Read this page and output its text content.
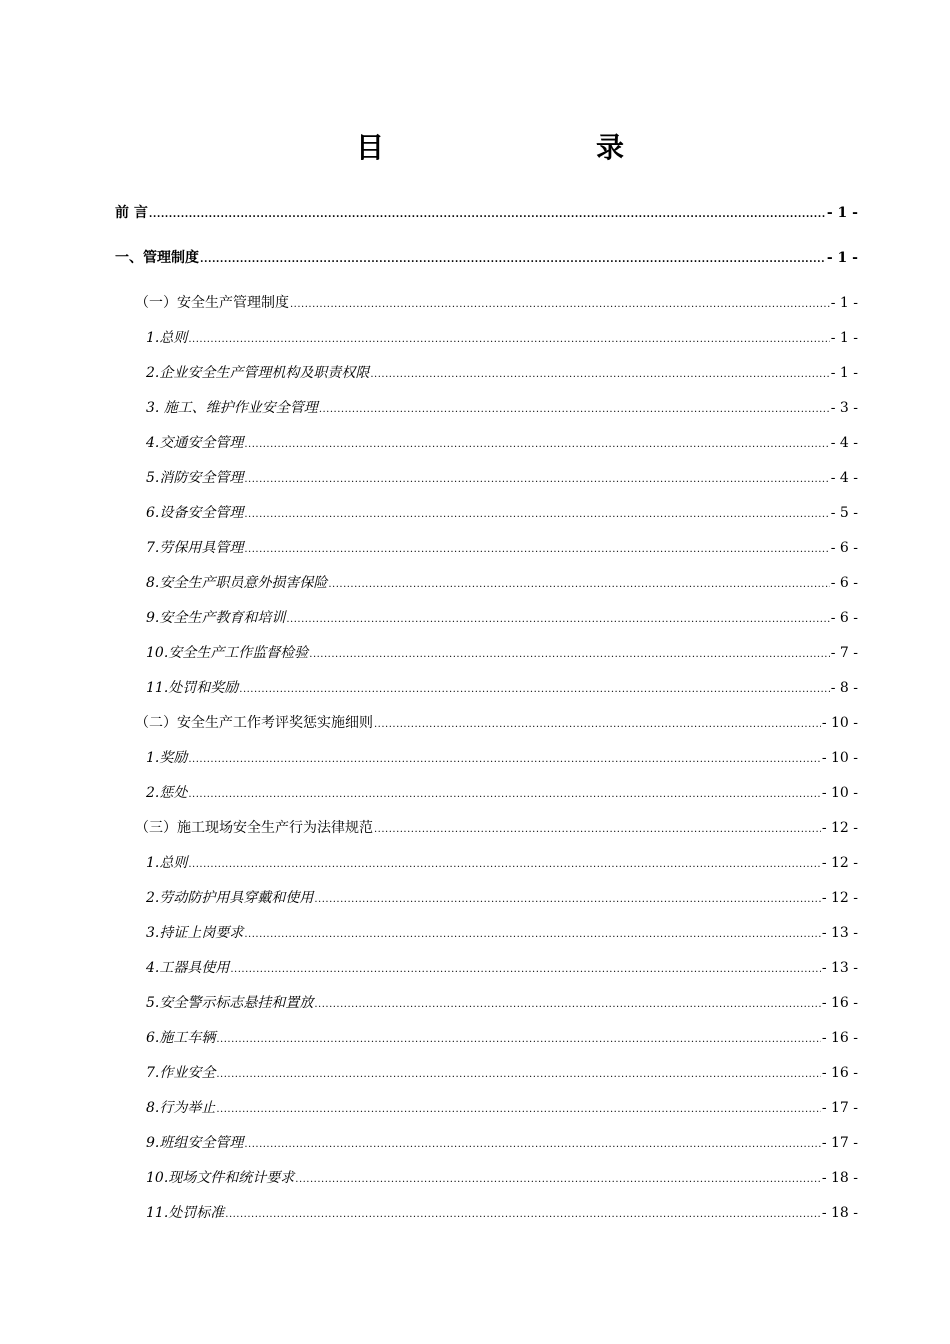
目　　录
前 言 .....	- 1 -
一、管理制度 .....	- 1 -
（一）安全生产管理制度 .....	- 1 -
1.总则 .....	- 1 -
2.企业安全生产管理机构及职责权限 .....	- 1 -
3. 施工、维护作业安全管理 .....	- 3 -
4.交通安全管理 .....	- 4 -
5.消防安全管理 .....	- 4 -
6.设备安全管理 .....	- 5 -
7.劳保用具管理 .....	- 6 -
8.安全生产职员意外损害保险 .....	- 6 -
9.安全生产教育和培训 .....	- 6 -
10.安全生产工作监督检验 .....	- 7 -
11.处罚和奖励 .....	- 8 -
（二）安全生产工作考评奖惩实施细则 .....	- 10 -
1.奖励 .....	- 10 -
2.惩处 .....	- 10 -
（三）施工现场安全生产行为法律规范 .....	- 12 -
1.总则 .....	- 12 -
2.劳动防护用具穿戴和使用 .....	- 12 -
3.持证上岗要求 .....	- 13 -
4.工器具使用 .....	- 13 -
5.安全警示标志悬挂和置放 .....	- 16 -
6.施工车辆 .....	- 16 -
7.作业安全 .....	- 16 -
8.行为举止 .....	- 17 -
9.班组安全管理 .....	- 17 -
10.现场文件和统计要求 .....	- 18 -
11.处罚标准 .....	- 18 -
